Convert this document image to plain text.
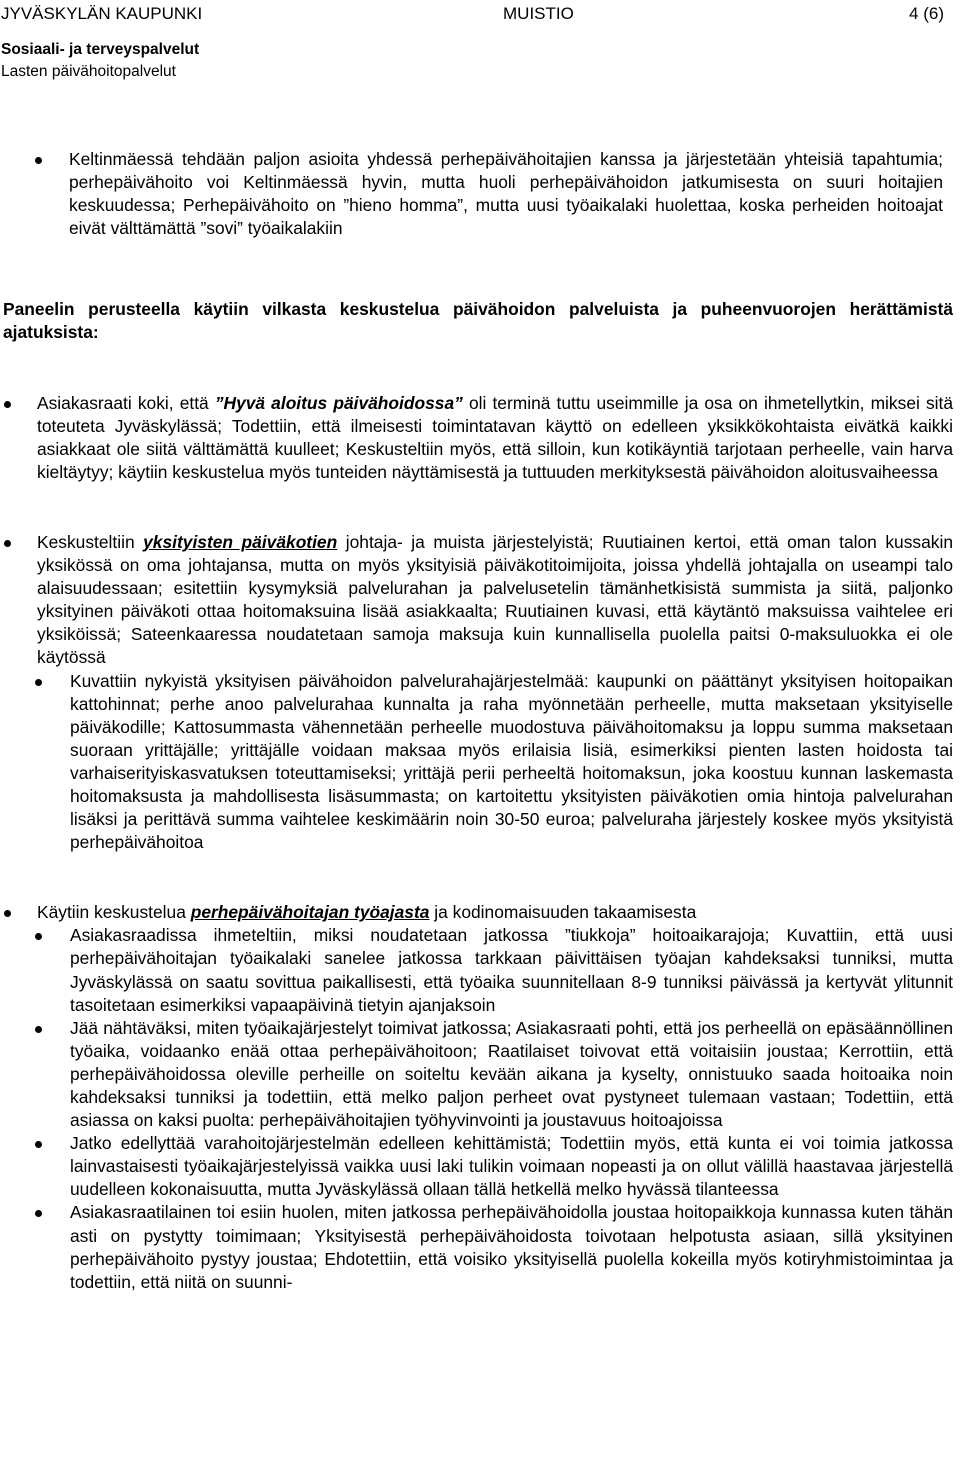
JYVÄSKYLÄN KAUPUNKI	MUISTIO	4 (6)
Sosiaali- ja terveyspalvelut
Lasten päivähoitopalvelut
Keltinmäessä tehdään paljon asioita yhdessä perhepäivähoitajien kanssa ja järjestetään yhteisiä tapahtumia; perhepäivähoito voi Keltinmäessä hyvin, mutta huoli perhepäivähoidon jatkumisesta on suuri hoitajien keskuudessa; Perhepäivähoito on ”hieno homma”, mutta uusi työaikalaki huolettaa, koska perheiden hoitoajat eivät välttämättä ”sovi” työaikalakiin
Paneelin perusteella käytiin vilkasta keskustelua päivähoidon palveluista ja puheenvuorojen herättämistä ajatuksista:
Asiakasraati koki, että ”Hyvä aloitus päivähoidossa” oli terminä tuttu useimmille ja osa on ihmetellytkin, miksei sitä toteuteta Jyväskylässä; Todettiin, että ilmeisesti toimintatavan käyttö on edelleen yksikkökohtaista eivätkä kaikki asiakkaat ole siitä välttämättä kuulleet; Keskusteltiin myös, että silloin, kun kotikäyntiä tarjotaan perheelle, vain harva kieltäytyy; käytiin keskustelua myös tunteiden näyttämisestä ja tuttuuden merkityksestä päivähoidon aloitusvaiheessa
Keskusteltiin yksityisten päiväkotien johtaja- ja muista järjestelyistä; Ruutiainen kertoi, että oman talon kussakin yksikössä on oma johtajansa, mutta on myös yksityisiä päiväkotitoimijoita, joissa yhdellä johtajalla on useampi talo alaisuudessaan; esitettiin kysymyksiä palvelurahan ja palvelusetelin tämänhetkisistä summista ja siitä, paljonko yksityinen päiväkoti ottaa hoitomaksuina lisää asiakkaalta; Ruutiainen kuvasi, että käytäntö maksuissa vaihtelee eri yksiköissä; Sateenkaaressa noudatetaan samoja maksuja kuin kunnallisella puolella paitsi 0-maksuluokka ei ole käytössä
Kuvattiin nykyistä yksityisen päivähoidon palvelurahajärjestelmää: kaupunki on päättänyt yksityisen hoitopaikan kattohinnat; perhe anoo palvelurahaa kunnalta ja raha myönnetään perheelle, mutta maksetaan yksityiselle päiväkodille; Kattosummasta vähennetään perheelle muodostuva päivähoitomaksu ja loppu summa maksetaan suoraan yrittäjälle; yrittäjälle voidaan maksaa myös erilaisia lisiä, esimerkiksi pienten lasten hoidosta tai varhaiserityiskasvatuksen toteuttamiseksi; yrittäjä perii perheeltä hoitomaksun, joka koostuu kunnan laskemasta hoitomaksusta ja mahdollisesta lisäsummasta; on kartoitettu yksityisten päiväkotien omia hintoja palvelurahan lisäksi ja perittävä summa vaihtelee keskimäärin noin 30-50 euroa; palveluraha järjestely koskee myös yksityistä perhepäivähoitoa
Käytiin keskustelua perhepäivähoitajan työajasta ja kodinomaisuuden takaamisesta
Asiakasraadissa ihmeteltiin, miksi noudatetaan jatkossa ”tiukkoja” hoitoaikarajoja; Kuvattiin, että uusi perhepäivähoitajan työaikalaki sanelee jatkossa tarkkaan päivittäisen työajan kahdeksaksi tunniksi, mutta Jyväskylässä on saatu sovittua paikallisesti, että työaika suunnitellaan 8-9 tunniksi päivässä ja kertyvät ylitunnit tasoitetaan esimerkiksi vapaapäivinä tietyin ajanjaksoin
Jää nähtäväksi, miten työaikajärjestelyt toimivat jatkossa; Asiakasraati pohti, että jos perheellä on epäsäännöllinen työaika, voidaanko enää ottaa perhepäivähoitoon; Raatilaiset toivovat että voitaisiin joustaa; Kerrottiin, että perhepäivähoidossa oleville perheille on soiteltu kevään aikana ja kyselty, onnistuuko saada hoitoaika noin kahdeksaksi tunniksi ja todettiin, että melko paljon perheet ovat pystyneet tulemaan vastaan; Todettiin, että asiassa on kaksi puolta: perhepäivähoitajien työhyvinvointi ja joustavuus hoitoajoissa
Jatko edellyttää varahoitojärjestelmän edelleen kehittämistä; Todettiin myös, että kunta ei voi toimia jatkossa lainvastaisesti työaikajärjestelyissä vaikka uusi laki tulikin voimaan nopeasti ja on ollut välillä haastavaa järjestellä uudelleen kokonaisuutta, mutta Jyväskylässä ollaan tällä hetkellä melko hyvässä tilanteessa
Asiakasraatilainen toi esiin huolen, miten jatkossa perhepäivähoidolla joustaa hoitopaikkoja kunnassa kuten tähän asti on pystytty toimimaan; Yksityisestä perhepäivähoidosta toivotaan helpotusta asiaan, sillä yksityinen perhepäivähoito pystyy joustaa; Ehdotettiin, että voisiko yksityisellä puolella kokeilla myös kotiryhmistoimintaa ja todettiin, että niitä on suunni-
